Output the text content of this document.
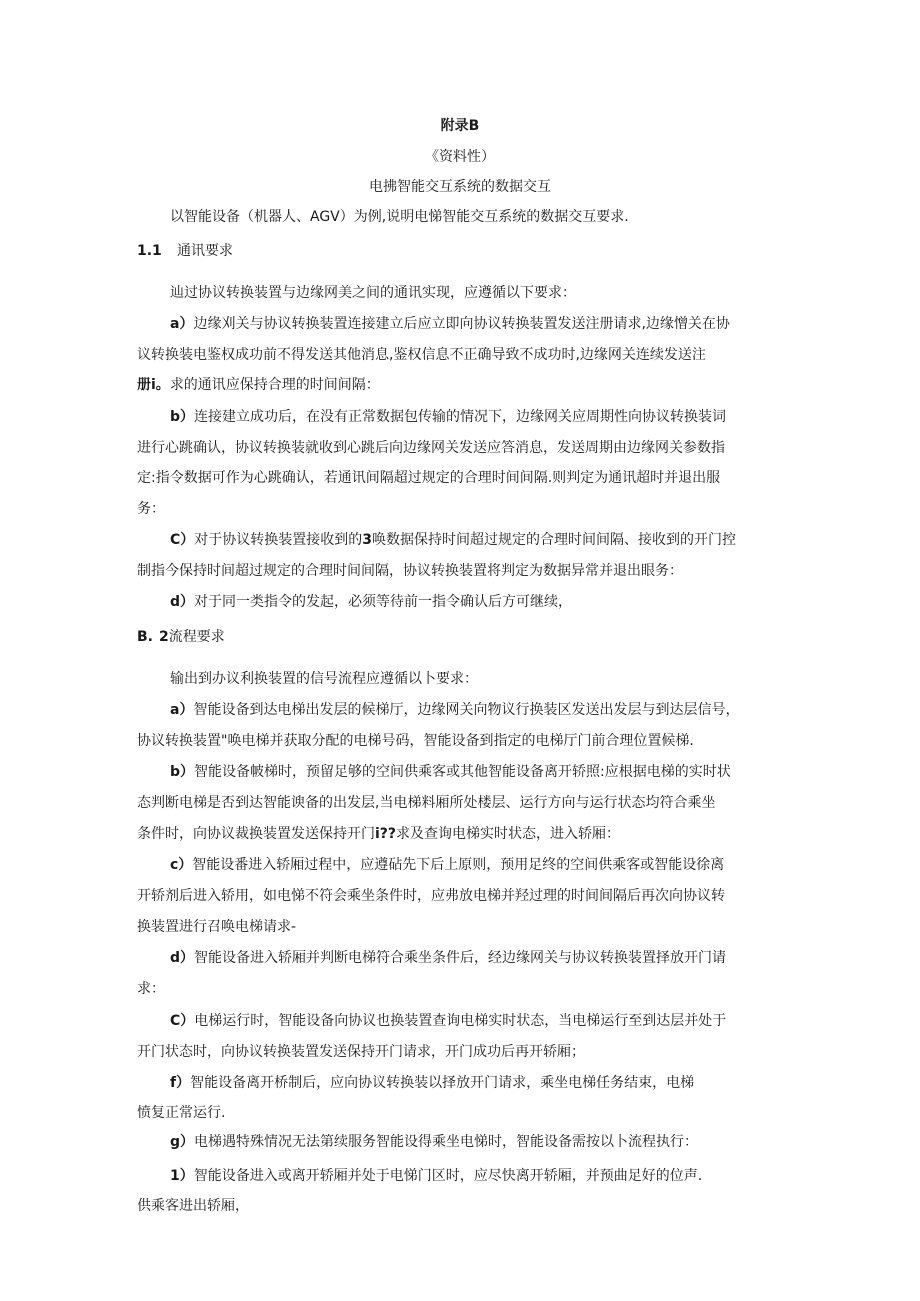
附录B
《资料性）
电拂智能交互系统的数据交互
以智能设备（机器人、AGV）为例,说明电悌智能交互系统的数据交互要求.
1.1 通讯要求
辿过协议转换装置与边缘网美之间的通讯实现，应遵循以下要求：
a）边缘刈关与协议转换装置连接建立后应立即向协议转换装置发送注册请求,边缘憎关在协
议转换装电鉴权成功前不得发送其他消息,鉴权信息不正确导致不成功时,边缘网关连续发送注
册i。求的通讯应保持合理的时间间隔：
b）连接建立成功后，在没有正常数据包传输的情况下，边缘网关应周期性向协议转换装词
进行心跳确认，协议转换装就收到心跳后向边缘网关发送应答消息，发送周期由边缘网关参数指
定:指令数据可作为心跳确认，若通讯间隔超过规定的合理时间间隔.则判定为通讯超时并退出服
务：
C）对于协议转换装置接收到的3唤数据保持时间超过规定的合理时间间隔、接收到的开门控
制指今保持时间超过规定的合理时间间隔，协议转换装置将判定为数据异常并退出眼务：
d）对于同一类指令的发起，必须等待前一指令确认后方可继续，
B. 2流程要求
输出到办议利换装置的信号流程应遵循以卜要求：
a）智能设备到达电梯出发层的候梯厅，边缘网关向物议行换装区发送出发层与到达层信号，
协议转换装置"唤电梯并获取分配的电梯号码，智能设备到指定的电梯厅门前合理位置候梯.
b）智能设备帔梯时，预留足够的空间供乘客或其他智能设备离开轿照:应根据电梯的实时状
态判断电梯是否到达智能谀备的出发层,当电梯料厢所处楼层、运行方向与运行状态均符合乘坐
条件时，向协议裁换装置发送保持开门i??求及查询电梯实时状态，进入轿厢：
c）智能设番进入轿厢过程中，应遵砧先下后上原则，预用足终的空间供乘客或智能设徐离
开轿剂后进入轿用，如电悌不符会乘坐条件时，应弗放电梯并羟过理的时间间隔后再次向协议转
换装置进行召唤电梯请求-
d）智能设备进入轿厢并判断电梯符合乘坐条件后，经边缘网关与协议转换装置择放开门请
求：
C）电梯运行时，智能设备向协议也换装置查询电梯实时状态，当电梯运行至到达层并处于
开门状态时，向协议转换装置发送保持开门请求，开门成功后再开轿厢；
f）智能设备离开桥制后，应向协议转换装以择放开门请求，乘坐电梯任务结束，电梯
愤复正常运行.
g）电梯遇特殊情况无法第续服务智能设得乘坐电悌时，智能设备需按以卜流程执行：
1）智能设备进入或离开轿厢并处于电悌门区时，应尽快离开轿厢，并预曲足好的位声.
供乘客进出轿厢，
